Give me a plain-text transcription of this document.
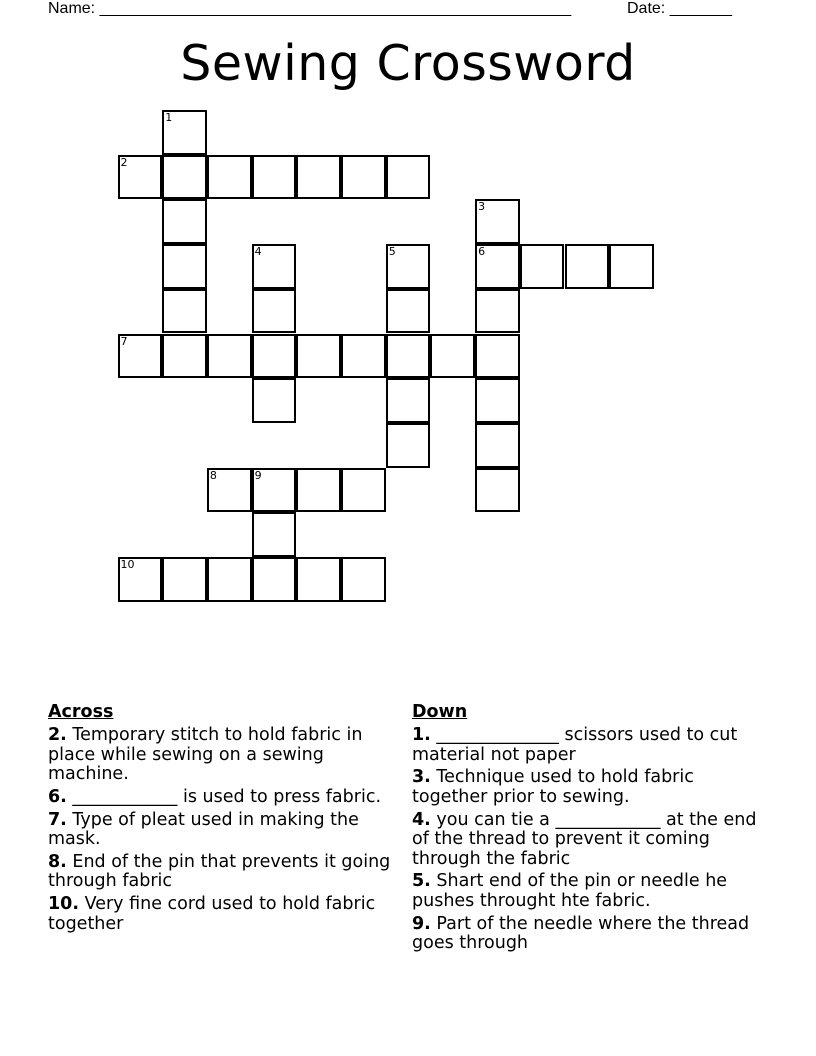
Name: _____________________________________________________	Date: _______
Sewing Crossword
1
2
3
6
4	5
7
8	9
10
Across
2. Temporary stitch to hold fabric in place while sewing on a sewing machine.
6. ____________ is used to press fabric.
7. Type of pleat used in making the mask.
8. End of the pin that prevents it going through fabric
10. Very fine cord used to hold fabric together
Down
1. ______________ scissors used to cut material not paper
3. Technique used to hold fabric together prior to sewing.
4. you can tie a ____________ at the end of the thread to prevent it coming through the fabric
5. Shart end of the pin or needle he pushes throught hte fabric.
9. Part of the needle where the thread goes through
